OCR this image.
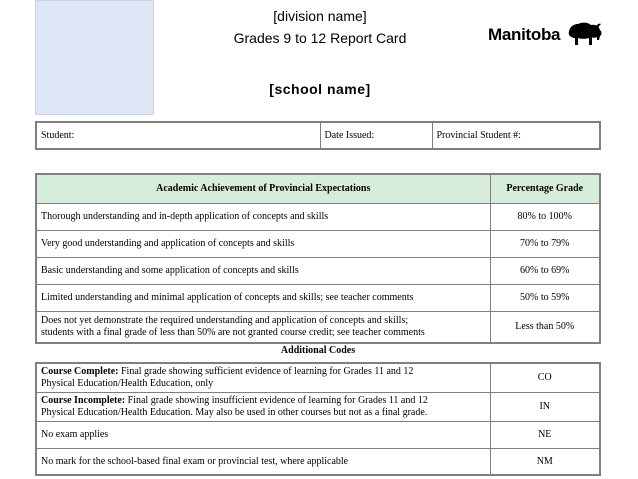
[division name]
Grades 9 to 12 Report Card
[school name]
Manitoba
Student:	Date Issued:	Provincial Student #:
Academic Achievement of Provincial Expectations	Percentage Grade
Thorough understanding and in-depth application of concepts and skills	80% to 100%
Very good understanding and application of concepts and skills	70% to 79%
Basic understanding and some application of concepts and skills	60% to 69%
Limited understanding and minimal application of concepts and skills; see teacher comments	50% to 59%
Does not yet demonstrate the required understanding and application of concepts and skills;
students with a final grade of less than 50% are not granted course credit; see teacher comments	Less than 50%
Additional Codes
Course Complete: Final grade showing sufficient evidence of learning for Grades 11 and 12
Physical Education/Health Education, only	CO
Course Incomplete: Final grade showing insufficient evidence of learning for Grades 11 and 12
Physical Education/Health Education. May also be used in other courses but not as a final grade.	IN
No exam applies	NE
No mark for the school-based final exam or provincial test, where applicable	NM
